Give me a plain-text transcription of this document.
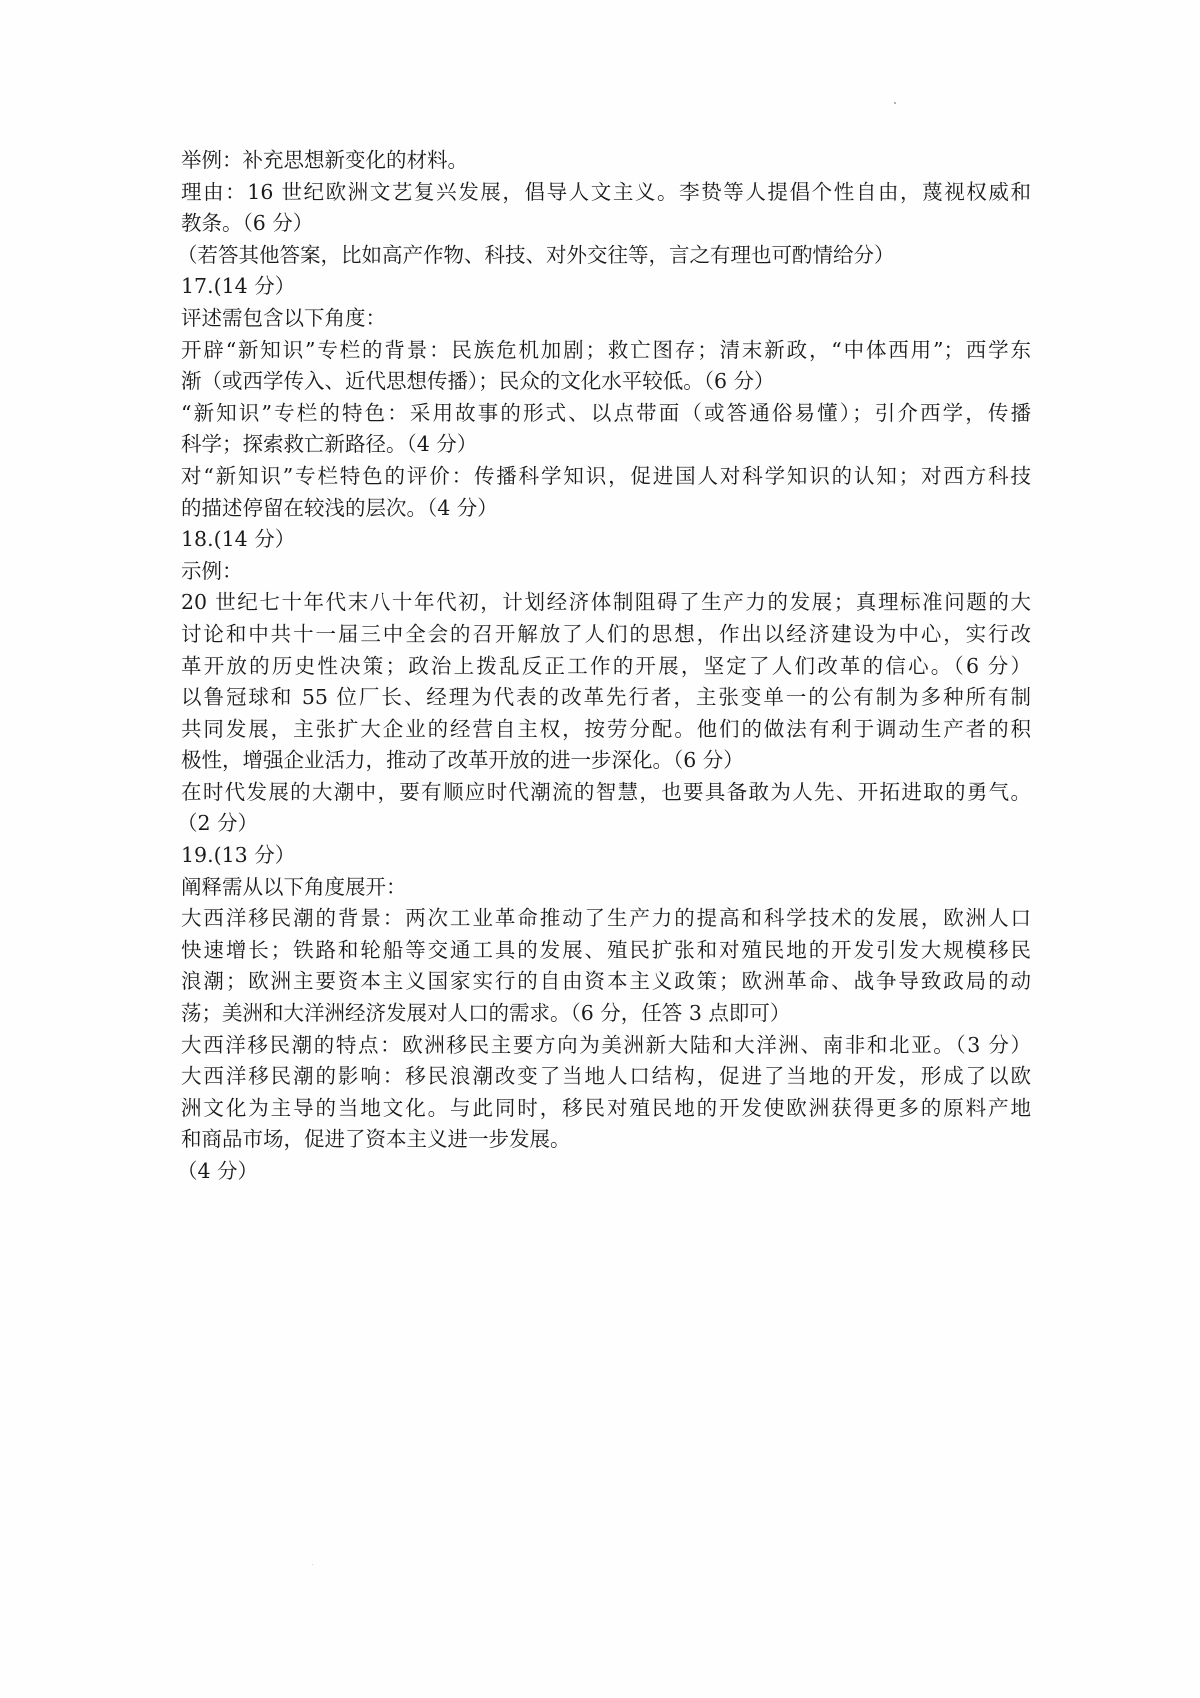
举例：补充思想新变化的材料。
理由：16 世纪欧洲文艺复兴发展，倡导人文主义。李贽等人提倡个性自由，蔑视权威和
教条。（6 分）
（若答其他答案，比如高产作物、科技、对外交往等，言之有理也可酌情给分）
17.(14 分）
评述需包含以下角度：
开辟“新知识”专栏的背景：民族危机加剧；救亡图存；清末新政，“中体西用”；西学东
渐（或西学传入、近代思想传播）；民众的文化水平较低。（6 分）
“新知识”专栏的特色：采用故事的形式、以点带面（或答通俗易懂）；引介西学，传播
科学；探索救亡新路径。（4 分）
对“新知识”专栏特色的评价：传播科学知识，促进国人对科学知识的认知；对西方科技
的描述停留在较浅的层次。（4 分）
18.(14 分）
示例：
20 世纪七十年代末八十年代初，计划经济体制阻碍了生产力的发展；真理标准问题的大
讨论和中共十一届三中全会的召开解放了人们的思想，作出以经济建设为中心，实行改
革开放的历史性决策；政治上拨乱反正工作的开展，坚定了人们改革的信心。（6 分）
以鲁冠球和 55 位厂长、经理为代表的改革先行者，主张变单一的公有制为多种所有制
共同发展，主张扩大企业的经营自主权，按劳分配。他们的做法有利于调动生产者的积
极性，增强企业活力，推动了改革开放的进一步深化。（6 分）
在时代发展的大潮中，要有顺应时代潮流的智慧，也要具备敢为人先、开拓进取的勇气。
（2 分）
19.(13 分）
阐释需从以下角度展开：
大西洋移民潮的背景：两次工业革命推动了生产力的提高和科学技术的发展，欧洲人口
快速增长；铁路和轮船等交通工具的发展、殖民扩张和对殖民地的开发引发大规模移民
浪潮；欧洲主要资本主义国家实行的自由资本主义政策；欧洲革命、战争导致政局的动
荡；美洲和大洋洲经济发展对人口的需求。（6 分，任答 3 点即可）
大西洋移民潮的特点：欧洲移民主要方向为美洲新大陆和大洋洲、南非和北亚。（3 分）
大西洋移民潮的影响：移民浪潮改变了当地人口结构，促进了当地的开发，形成了以欧
洲文化为主导的当地文化。与此同时，移民对殖民地的开发使欧洲获得更多的原料产地
和商品市场，促进了资本主义进一步发展。
（4 分）
